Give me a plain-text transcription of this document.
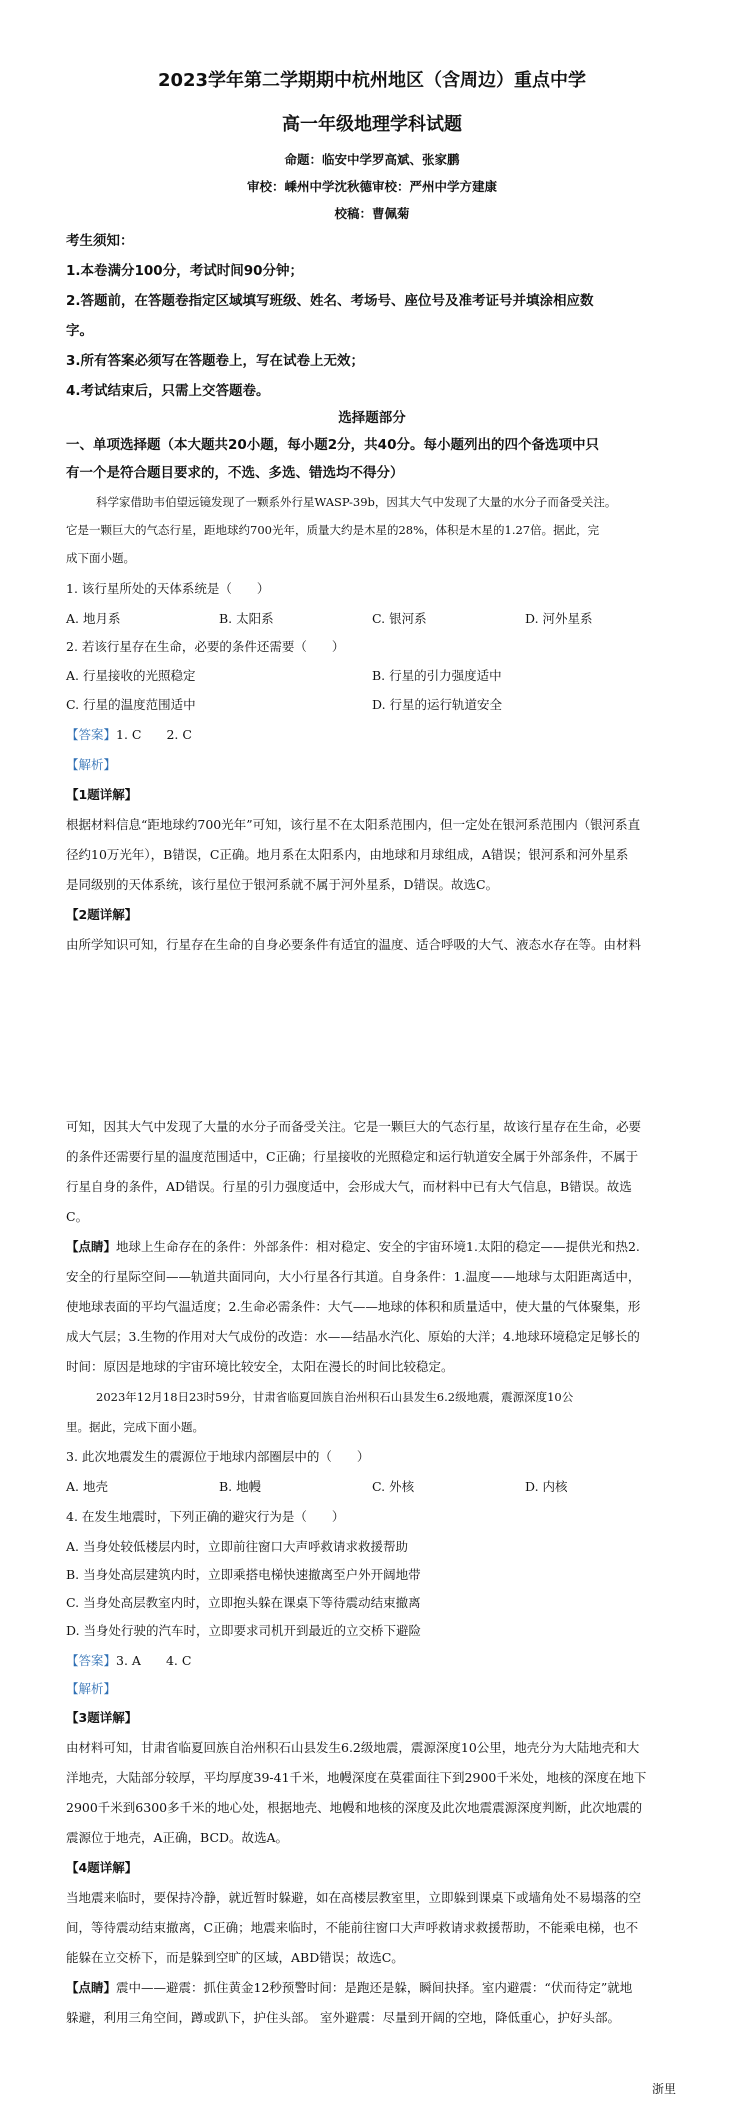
2023学年第二学期期中杭州地区（含周边）重点中学
高一年级地理学科试题
命题：临安中学罗高斌、张家鹏
审校：嵊州中学沈秋德审校：严州中学方建康
校稿：曹佩菊
考生须知：
1.本卷满分100分，考试时间90分钟；
2.答题前，在答题卷指定区域填写班级、姓名、考场号、座位号及准考证号并填涂相应数
字。
3.所有答案必须写在答题卷上，写在试卷上无效；
4.考试结束后，只需上交答题卷。
选择题部分
一、单项选择题（本大题共20小题，每小题2分，共40分。每小题列出的四个备选项中只
有一个是符合题目要求的，不选、多选、错选均不得分）
科学家借助韦伯望远镜发现了一颗系外行星WASP-39b，因其大气中发现了大量的水分子而备受关注。
它是一颗巨大的气态行星，距地球约700光年，质量大约是木星的28%，体积是木星的1.27倍。据此，完
成下面小题。
1. 该行星所处的天体系统是（　　）
A. 地月系	B. 太阳系	C. 银河系	D. 河外星系
2. 若该行星存在生命，必要的条件还需要（　　）
A. 行星接收的光照稳定	B. 行星的引力强度适中
C. 行星的温度范围适中	D. 行星的运行轨道安全
【答案】1. C　　2. C
【解析】
【1题详解】
根据材料信息“距地球约700光年”可知，该行星不在太阳系范围内，但一定处在银河系范围内（银河系直
径约10万光年），B错误，C正确。地月系在太阳系内，由地球和月球组成，A错误；银河系和河外星系
是同级别的天体系统，该行星位于银河系就不属于河外星系，D错误。故选C。
【2题详解】
由所学知识可知，行星存在生命的自身必要条件有适宜的温度、适合呼吸的大气、液态水存在等。由材料
可知，因其大气中发现了大量的水分子而备受关注。它是一颗巨大的气态行星，故该行星存在生命，必要
的条件还需要行星的温度范围适中，C正确；行星接收的光照稳定和运行轨道安全属于外部条件，不属于
行星自身的条件，AD错误。行星的引力强度适中，会形成大气，而材料中已有大气信息，B错误。故选
C。
【点睛】地球上生命存在的条件：外部条件：相对稳定、安全的宇宙环境1.太阳的稳定——提供光和热2.
安全的行星际空间——轨道共面同向，大小行星各行其道。自身条件：1.温度——地球与太阳距离适中，
使地球表面的平均气温适度；2.生命必需条件：大气——地球的体积和质量适中，使大量的气体聚集，形
成大气层；3.生物的作用对大气成份的改造：水——结晶水汽化、原始的大洋；4.地球环境稳定足够长的
时间：原因是地球的宇宙环境比较安全，太阳在漫长的时间比较稳定。
2023年12月18日23时59分，甘肃省临夏回族自治州积石山县发生6.2级地震，震源深度10公
里。据此，完成下面小题。
3. 此次地震发生的震源位于地球内部圈层中的（　　）
A. 地壳	B. 地幔	C. 外核	D. 内核
4. 在发生地震时，下列正确的避灾行为是（　　）
A. 当身处较低楼层内时，立即前往窗口大声呼救请求救援帮助
B. 当身处高层建筑内时，立即乘搭电梯快速撤离至户外开阔地带
C. 当身处高层教室内时，立即抱头躲在课桌下等待震动结束撤离
D. 当身处行驶的汽车时，立即要求司机开到最近的立交桥下避险
【答案】3. A　　4. C
【解析】
【3题详解】
由材料可知，甘肃省临夏回族自治州积石山县发生6.2级地震，震源深度10公里，地壳分为大陆地壳和大
洋地壳，大陆部分较厚，平均厚度39-41千米，地幔深度在莫霍面往下到2900千米处，地核的深度在地下
2900千米到6300多千米的地心处，根据地壳、地幔和地核的深度及此次地震震源深度判断，此次地震的
震源位于地壳，A正确，BCD。故选A。
【4题详解】
当地震来临时，要保持冷静，就近暂时躲避，如在高楼层教室里，立即躲到课桌下或墙角处不易塌落的空
间，等待震动结束撤离，C正确；地震来临时，不能前往窗口大声呼救请求救援帮助，不能乘电梯，也不
能躲在立交桥下，而是躲到空旷的区域，ABD错误；故选C。
【点睛】震中——避震：抓住黄金12秒预警时间：是跑还是躲，瞬间抉择。室内避震：“伏而待定”就地
躲避，利用三角空间，蹲或趴下，护住头部。 室外避震：尽量到开阔的空地，降低重心，护好头部。
浙里
